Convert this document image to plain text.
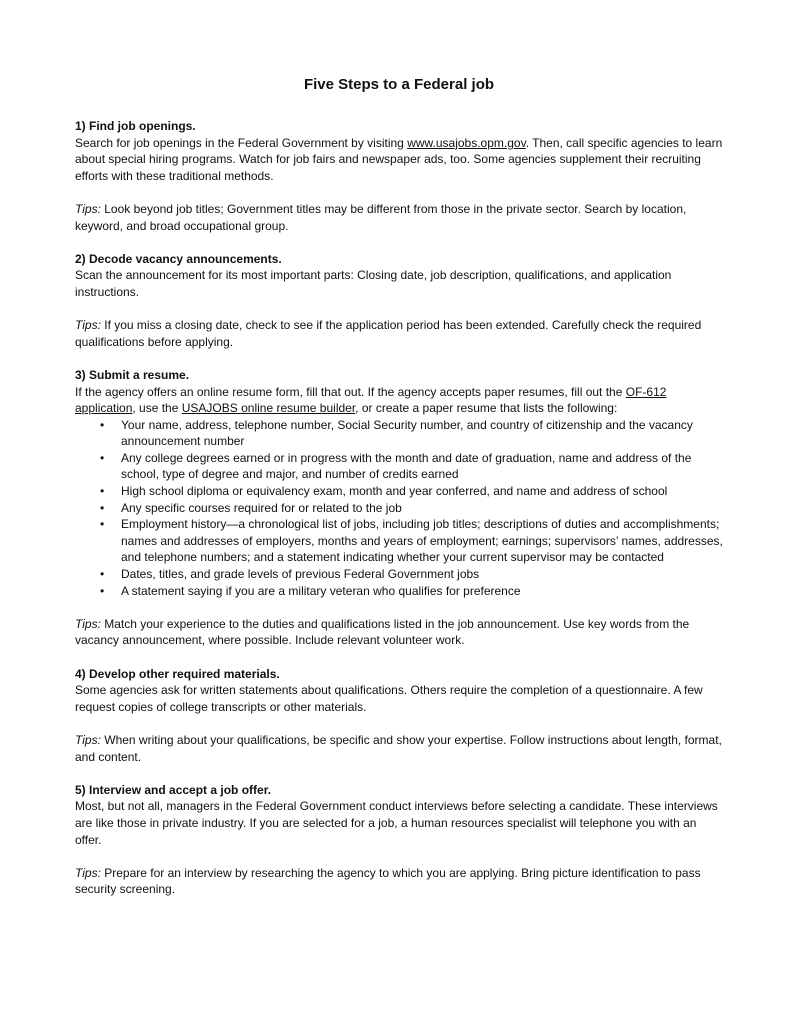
Five Steps to a Federal job

1) Find job openings.

Search for job openings in the Federal Government by visiting www.usajobs.opm.gov. Then, call specific agencies to learn about special hiring programs. Watch for job fairs and newspaper ads, too. Some agencies supplement their recruiting efforts with these traditional methods.

Tips: Look beyond job titles; Government titles may be different from those in the private sector. Search by location, keyword, and broad occupational group.

2) Decode vacancy announcements.

Scan the announcement for its most important parts: Closing date, job description, qualifications, and application instructions.

Tips: If you miss a closing date, check to see if the application period has been extended. Carefully check the required qualifications before applying.

3) Submit a resume.

If the agency offers an online resume form, fill that out. If the agency accepts paper resumes, fill out the OF-612 application, use the USAJOBS online resume builder, or create a paper resume that lists the following:

• Your name, address, telephone number, Social Security number, and country of citizenship and the vacancy announcement number
• Any college degrees earned or in progress with the month and date of graduation, name and address of the school, type of degree and major, and number of credits earned
• High school diploma or equivalency exam, month and year conferred, and name and address of school
• Any specific courses required for or related to the job
• Employment history—a chronological list of jobs, including job titles; descriptions of duties and accomplishments; names and addresses of employers, months and years of employment; earnings; supervisors’ names, addresses, and telephone numbers; and a statement indicating whether your current supervisor may be contacted
• Dates, titles, and grade levels of previous Federal Government jobs
• A statement saying if you are a military veteran who qualifies for preference

Tips: Match your experience to the duties and qualifications listed in the job announcement. Use key words from the vacancy announcement, where possible. Include relevant volunteer work.

4) Develop other required materials.

Some agencies ask for written statements about qualifications. Others require the completion of a questionnaire. A few request copies of college transcripts or other materials.

Tips: When writing about your qualifications, be specific and show your expertise. Follow instructions about length, format, and content.

5) Interview and accept a job offer.

Most, but not all, managers in the Federal Government conduct interviews before selecting a candidate. These interviews are like those in private industry. If you are selected for a job, a human resources specialist will telephone you with an offer.

Tips: Prepare for an interview by researching the agency to which you are applying. Bring picture identification to pass security screening.
